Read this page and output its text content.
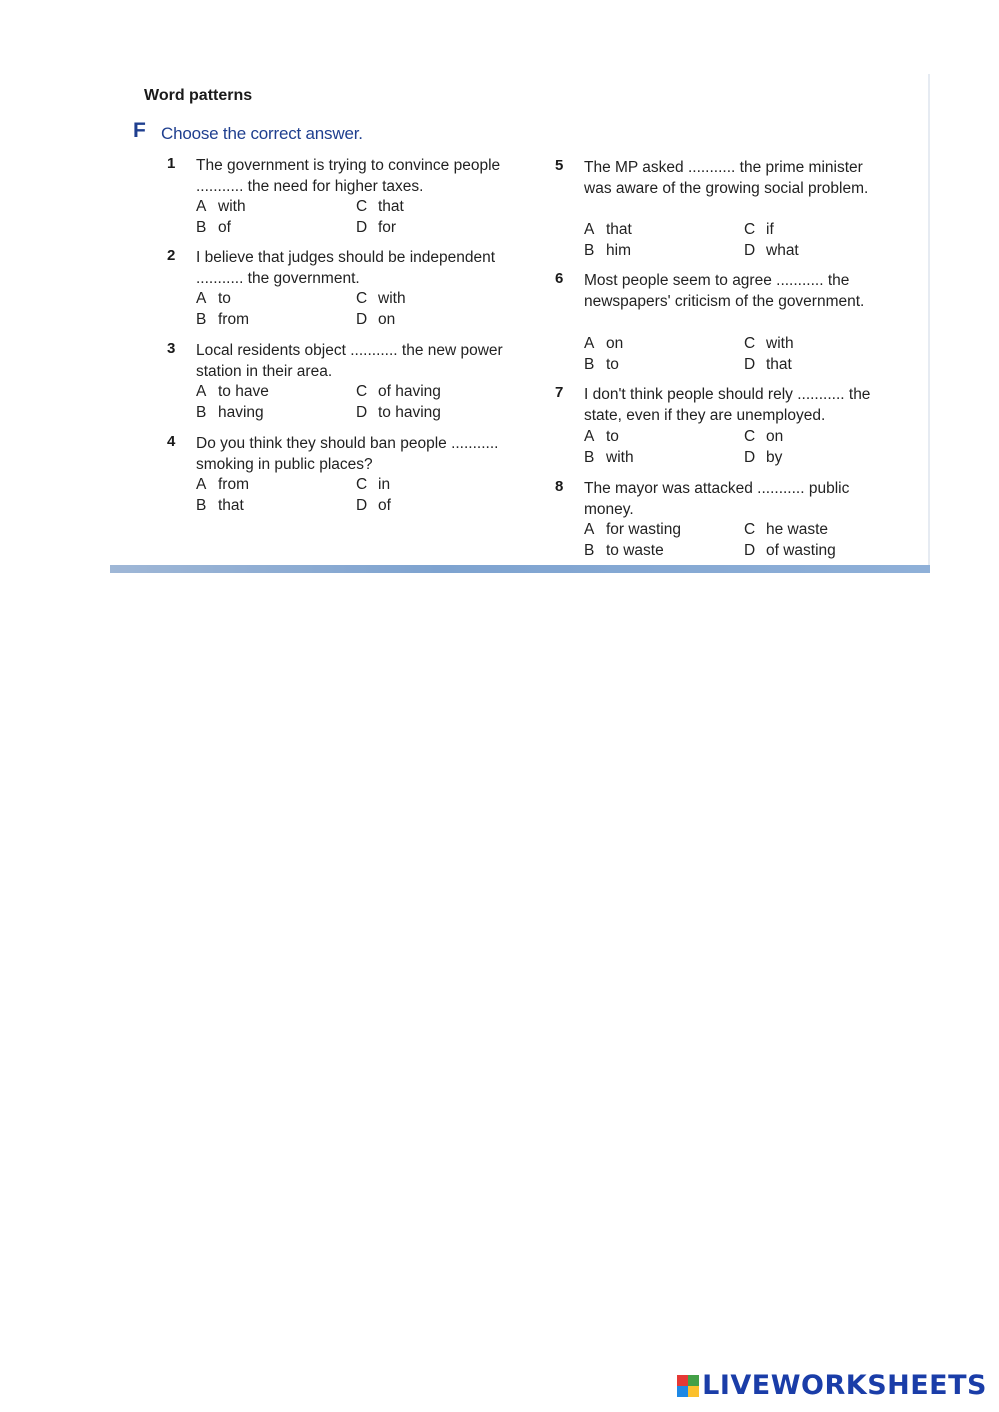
Word patterns
F Choose the correct answer.
1 The government is trying to convince people ........... the need for higher taxes.
A with	C that
B of	D for
2 I believe that judges should be independent ........... the government.
A to	C with
B from	D on
3 Local residents object ........... the new power station in their area.
A to have	C of having
B having	D to having
4 Do you think they should ban people ........... smoking in public places?
A from	C in
B that	D of
5 The MP asked ........... the prime minister was aware of the growing social problem.
A that	C if
B him	D what
6 Most people seem to agree ........... the newspapers' criticism of the government.
A on	C with
B to	D that
7 I don't think people should rely ........... the state, even if they are unemployed.
A to	C on
B with	D by
8 The mayor was attacked ........... public money.
A for wasting	C he waste
B to waste	D of wasting
LIVEWORKSHEETS
